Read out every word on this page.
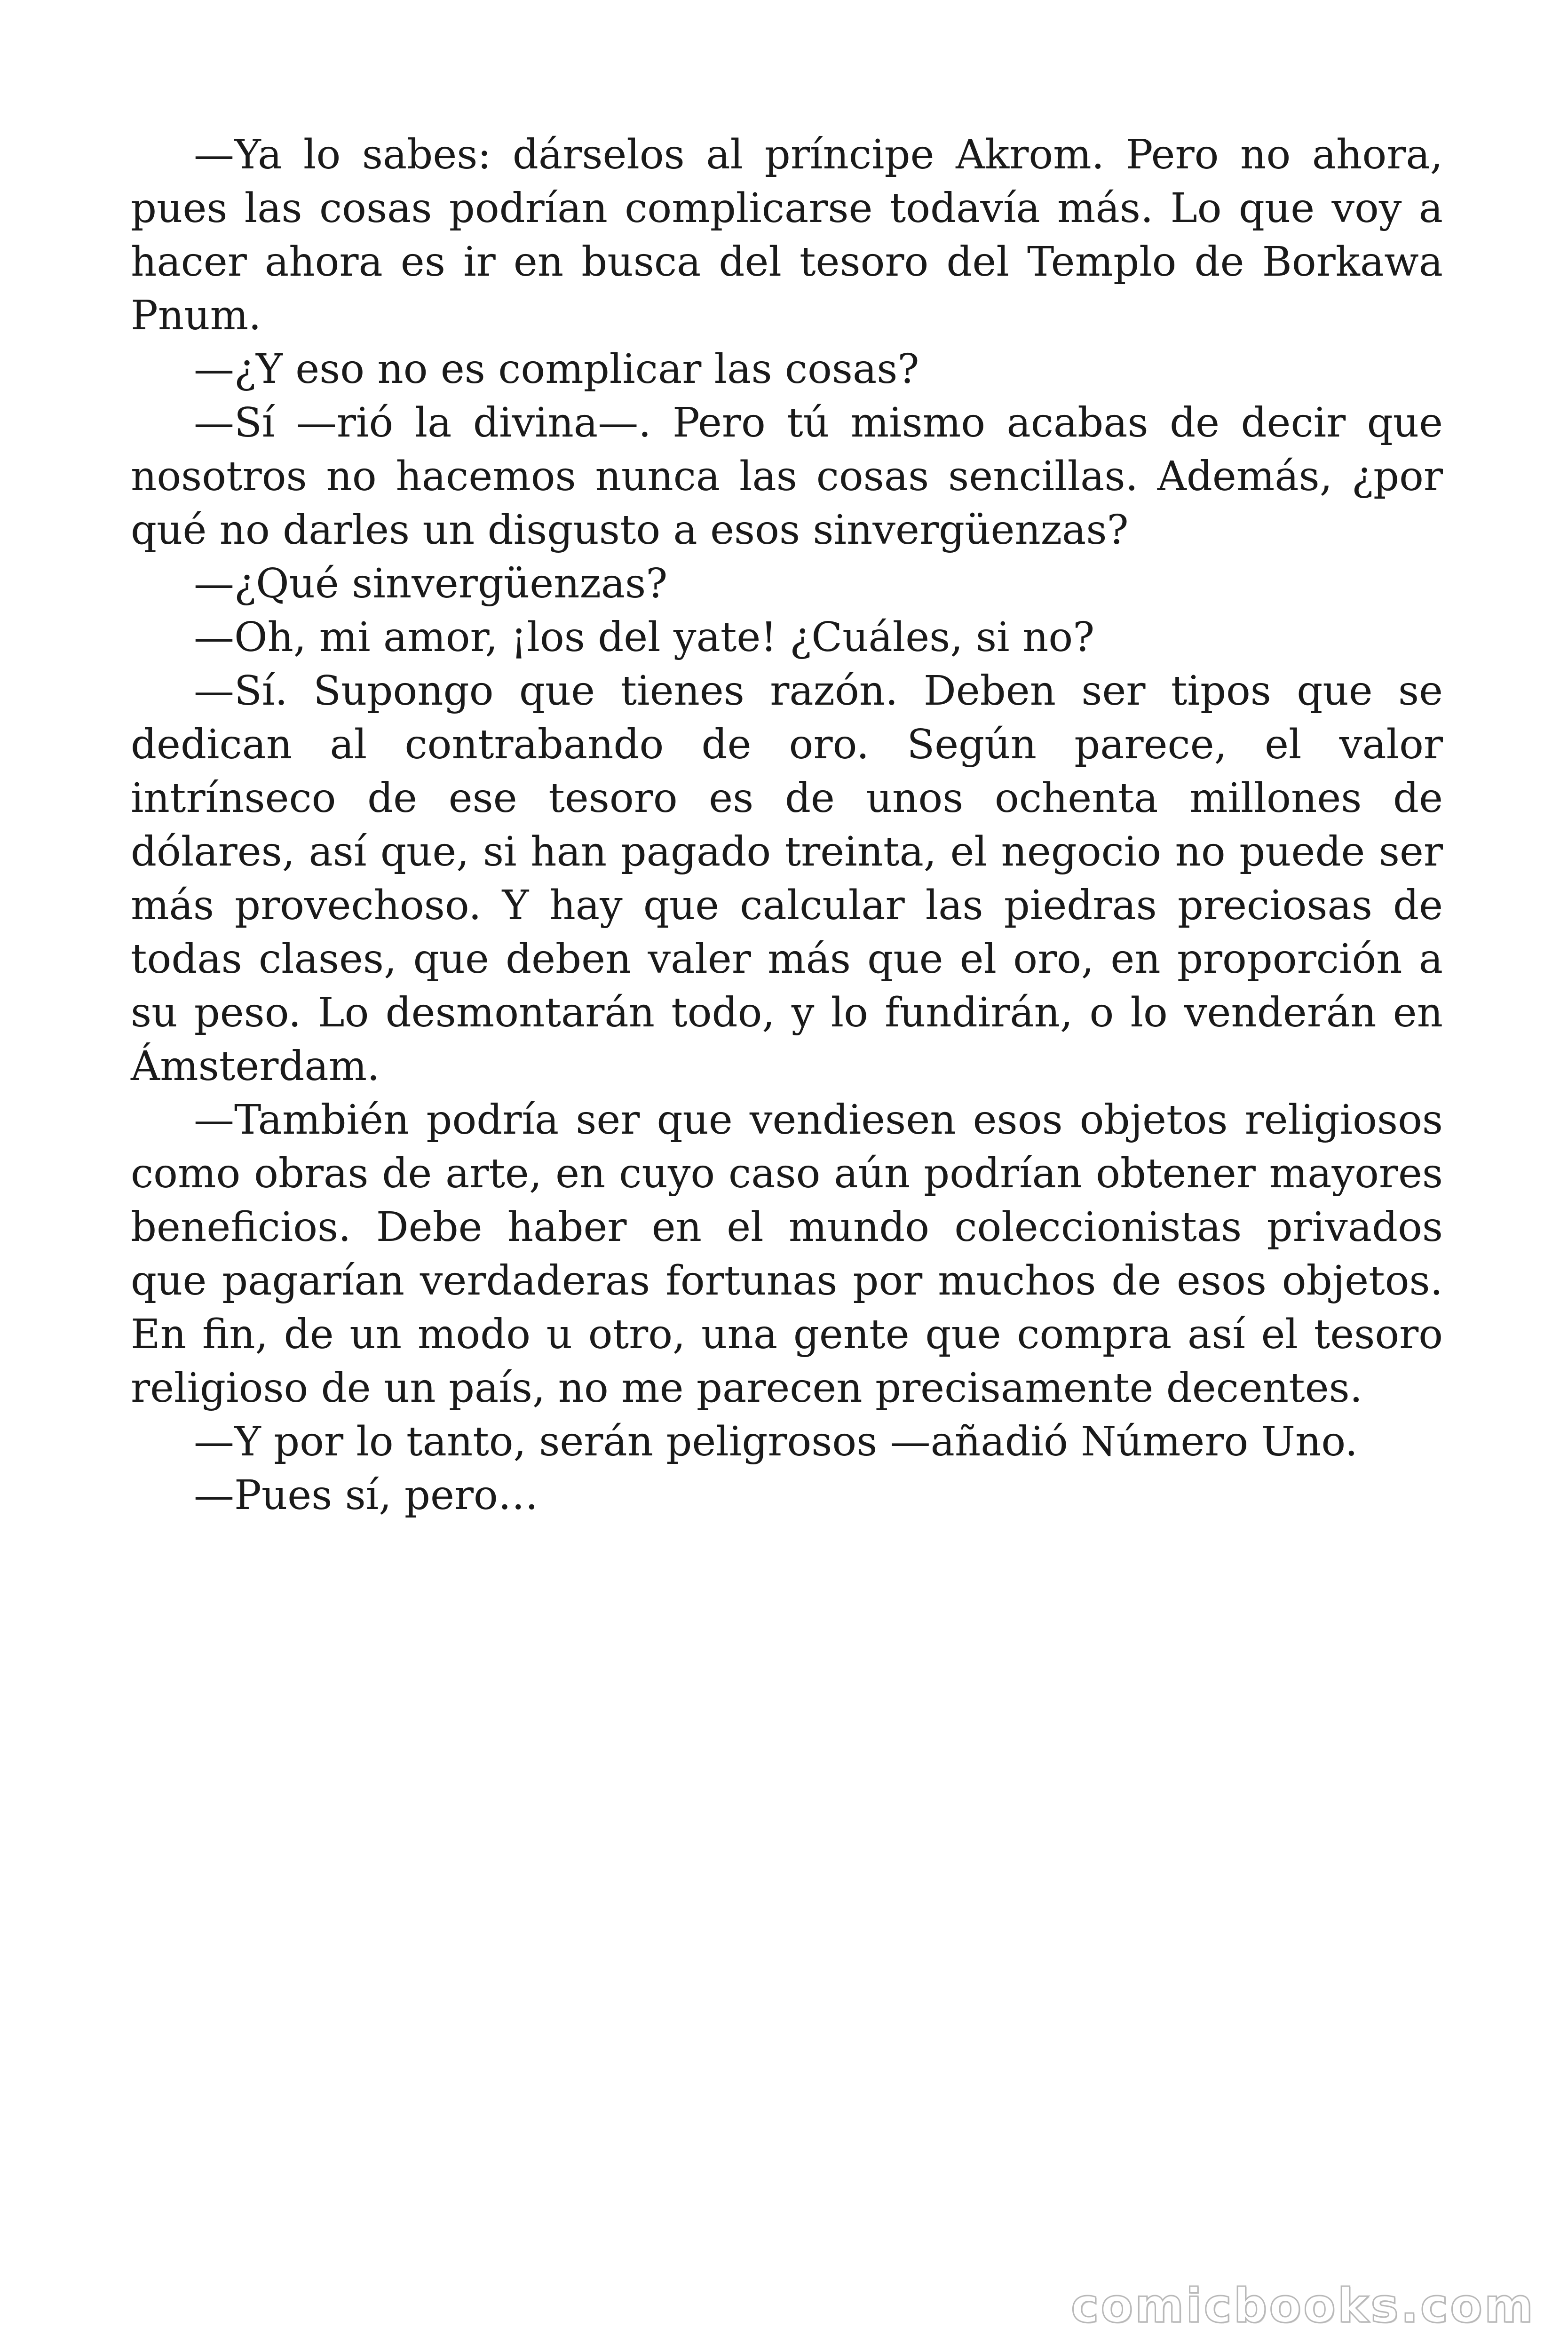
—Ya lo sabes: dárselos al príncipe Akrom. Pero no ahora, pues las cosas podrían complicarse todavía más. Lo que voy a hacer ahora es ir en busca del tesoro del Templo de Borkawa Pnum.

—¿Y eso no es complicar las cosas?

—Sí —rió la divina—. Pero tú mismo acabas de decir que nosotros no hacemos nunca las cosas sencillas. Además, ¿por qué no darles un disgusto a esos sinvergüenzas?

—¿Qué sinvergüenzas?

—Oh, mi amor, ¡los del yate! ¿Cuáles, si no?

—Sí. Supongo que tienes razón. Deben ser tipos que se dedican al contrabando de oro. Según parece, el valor intrínseco de ese tesoro es de unos ochenta millones de dólares, así que, si han pagado treinta, el negocio no puede ser más provechoso. Y hay que calcular las piedras preciosas de todas clases, que deben valer más que el oro, en proporción a su peso. Lo desmontarán todo, y lo fundirán, o lo venderán en Ámsterdam.

—También podría ser que vendiesen esos objetos religiosos como obras de arte, en cuyo caso aún podrían obtener mayores beneficios. Debe haber en el mundo coleccionistas privados que pagarían verdaderas fortunas por muchos de esos objetos. En fin, de un modo u otro, una gente que compra así el tesoro religioso de un país, no me parecen precisamente decentes.

—Y por lo tanto, serán peligrosos —añadió Número Uno.

—Pues sí, pero…

comicbooks.com
